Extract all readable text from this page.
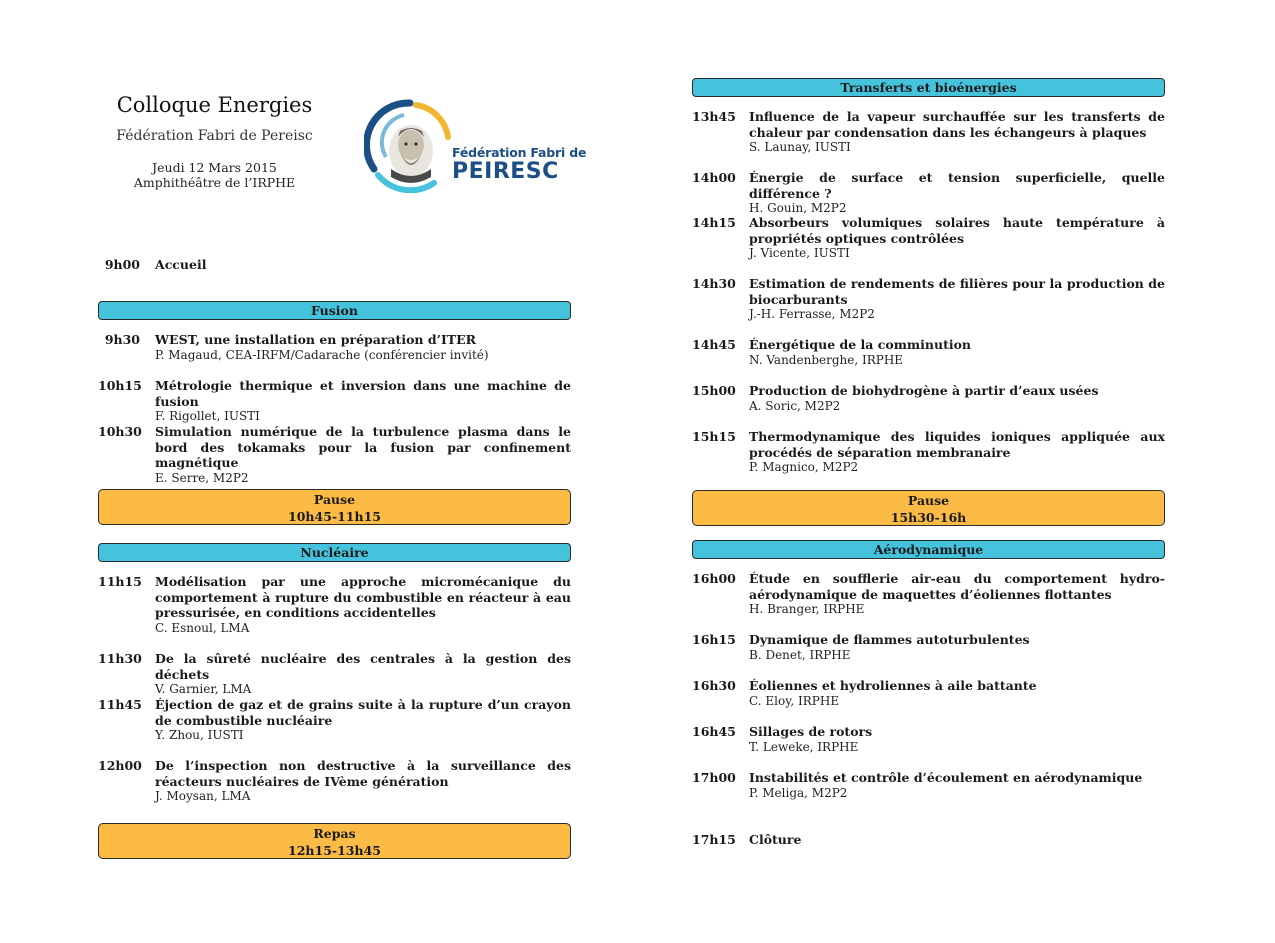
Colloque Energies
Fédération Fabri de Pereisc
Jeudi 12 Mars 2015
Amphithéâtre de l’IRPHE
Fédération Fabri de
PEIRESC
9h00 Accueil
Fusion
9h30 WEST, une installation en préparation d’ITER
P. Magaud, CEA-IRFM/Cadarache (conférencier invité)
10h15 Métrologie thermique et inversion dans une machine de fusion
F. Rigollet, IUSTI
10h30 Simulation numérique de la turbulence plasma dans le bord des tokamaks pour la fusion par confinement magnétique
E. Serre, M2P2
Pause
10h45-11h15
Nucléaire
11h15 Modélisation par une approche micromécanique du comportement à rupture du combustible en réacteur à eau pressurisée, en conditions accidentelles
C. Esnoul, LMA
11h30 De la sûreté nucléaire des centrales à la gestion des déchets
V. Garnier, LMA
11h45 Éjection de gaz et de grains suite à la rupture d’un crayon de combustible nucléaire
Y. Zhou, IUSTI
12h00 De l’inspection non destructive à la surveillance des réacteurs nucléaires de IVème génération
J. Moysan, LMA
Repas
12h15-13h45
Transferts et bioénergies
13h45 Influence de la vapeur surchauffée sur les transferts de chaleur par condensation dans les échangeurs à plaques
S. Launay, IUSTI
14h00 Énergie de surface et tension superficielle, quelle différence ?
H. Gouin, M2P2
14h15 Absorbeurs volumiques solaires haute température à propriétés optiques contrôlées
J. Vicente, IUSTI
14h30 Estimation de rendements de filières pour la production de biocarburants
J.-H. Ferrasse, M2P2
14h45 Énergétique de la comminution
N. Vandenberghe, IRPHE
15h00 Production de biohydrogène à partir d’eaux usées
A. Soric, M2P2
15h15 Thermodynamique des liquides ioniques appliquée aux procédés de séparation membranaire
P. Magnico, M2P2
Pause
15h30-16h
Aérodynamique
16h00 Étude en soufflerie air-eau du comportement hydro-aérodynamique de maquettes d’éoliennes flottantes
H. Branger, IRPHE
16h15 Dynamique de flammes autoturbulentes
B. Denet, IRPHE
16h30 Éoliennes et hydroliennes à aile battante
C. Eloy, IRPHE
16h45 Sillages de rotors
T. Leweke, IRPHE
17h00 Instabilités et contrôle d’écoulement en aérodynamique
P. Meliga, M2P2
17h15 Clôture
